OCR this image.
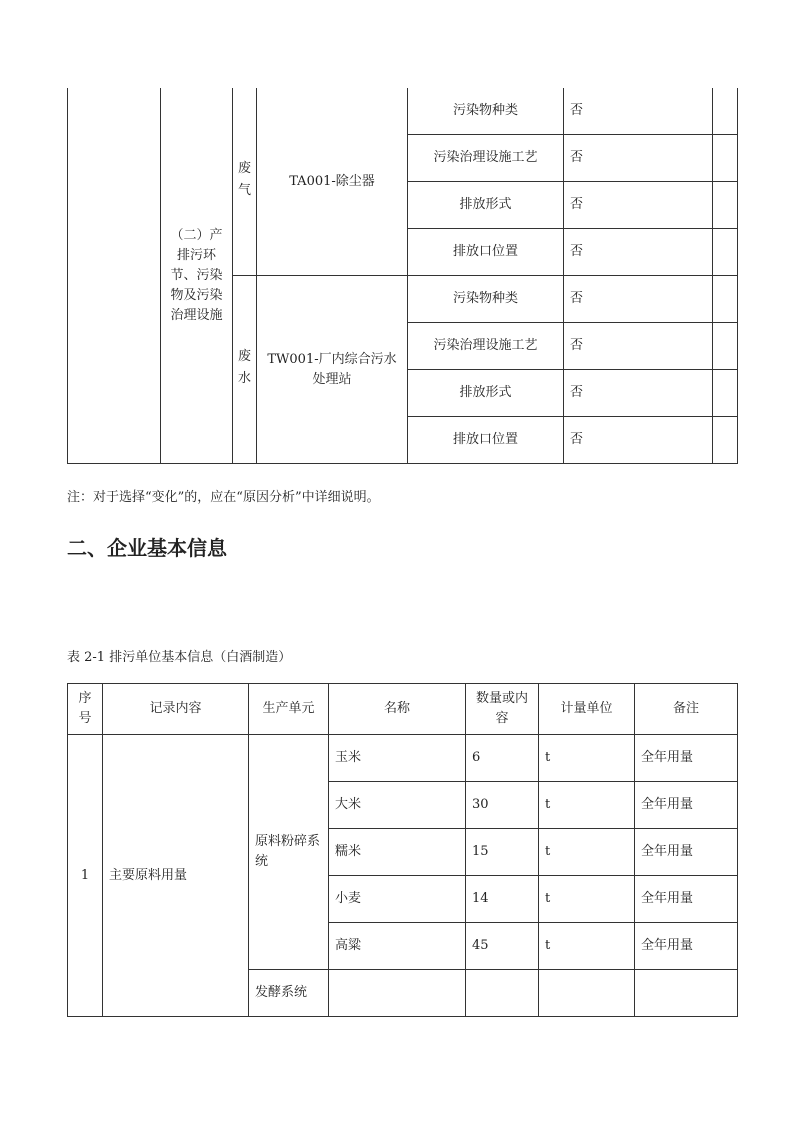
	（二）产排污环节、污染物及污染治理设施	废气	TA001-除尘器	污染物种类	否	
				污染治理设施工艺	否	
				排放形式	否	
				排放口位置	否	
		废水	TW001-厂内综合污水处理站	污染物种类	否	
				污染治理设施工艺	否	
				排放形式	否	
				排放口位置	否	
注：对于选择“变化”的，应在“原因分析”中详细说明。
二、企业基本信息
表 2-1 排污单位基本信息（白酒制造）
序号	记录内容	生产单元	名称	数量或内容	计量单位	备注
1	主要原料用量	原料粉碎系统	玉米	6	t	全年用量
			大米	30	t	全年用量
			糯米	15	t	全年用量
			小麦	14	t	全年用量
			高粱	45	t	全年用量
		发酵系统				
